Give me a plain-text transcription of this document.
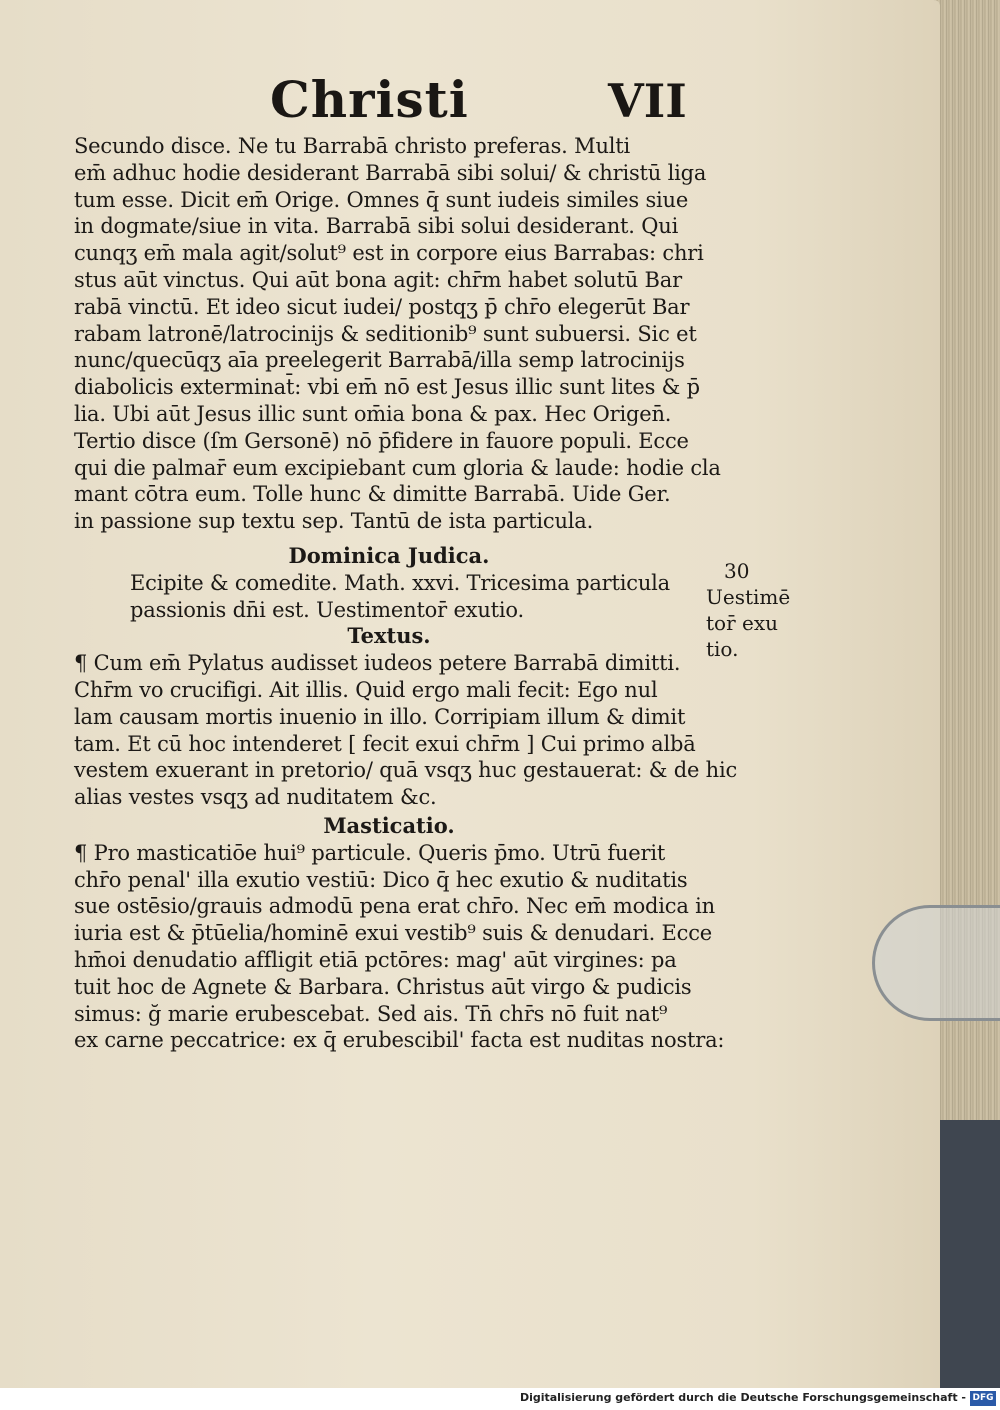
Christi	VII
Secundo disce. Ne tu Barrabā christo preferas. Multi
em̄ adhuc hodie desiderant Barrabā sibi solui/ & christū liga
tum esse. Dicit em̄ Orige. Omnes q̄ sunt iudeis similes siue
in dogmate/siue in vita. Barrabā sibi solui desiderant. Qui
cunqʒ em̄ mala agit/solut⁹ est in corpore eius Barrabas: chri
stus aūt vinctus. Qui aūt bona agit: chr̄m habet solutū Bar
rabā vinctū. Et ideo sicut iudei/ postqʒ p̄ chr̄o elegerūt Bar
rabam latronē/latrocinijs & seditionib⁹ sunt subuersi. Sic et
nunc/quecūqʒ aīa preelegerit Barrabā/illa semp latrocinijs
diabolicis exterminat̄: vbi em̄ nō est Jesus illic sunt lites & p̄
lia. Ubi aūt Jesus illic sunt om̄ia bona & pax. Hec Origen̄.
Tertio disce (ſm Gersonē) nō p̄fidere in fauore populi. Ecce
qui die palmar̄ eum excipiebant cum gloria & laude: hodie cla
mant cōtra eum. Tolle hunc & dimitte Barrabā. Uide Ger.
in passione sup textu sep. Tantū de ista particula.
Dominica Judica.
Ecipite & comedite. Math. xxvi. Tricesima particula
passionis dn̄i est. Uestimentor̄ exutio.
Textus.
¶ Cum em̄ Pylatus audisset iudeos petere Barrabā dimitti.
Chr̄m vo crucifigi. Ait illis. Quid ergo mali fecit: Ego nul
lam causam mortis inuenio in illo. Corripiam illum & dimit
tam. Et cū hoc intenderet [ fecit exui chr̄m ] Cui primo albā
vestem exuerant in pretorio/ quā vsqʒ huc gestauerat: & de hic
alias vestes vsqʒ ad nuditatem &c.
Masticatio.
¶ Pro masticatiōe hui⁹ particule. Queris p̄mo. Utrū fuerit
chr̄o penal' illa exutio vestiū: Dico q̄ hec exutio & nuditatis
sue ostēsio/grauis admodū pena erat chr̄o. Nec em̄ modica in
iuria est & p̄tūelia/hominē exui vestib⁹ suis & denudari. Ecce
hm̄oi denudatio affligit etiā pctōres: mag' aūt virgines: pa
tuit hoc de Agnete & Barbara. Christus aūt virgo & pudicis
simus: ğ marie erubescebat. Sed ais. Tn̄ chr̄s nō fuit nat⁹
ex carne peccatrice: ex q̄ erubescibil' facta est nuditas nostra:
30
Uestimē
tor̄ exu
tio.
Digitalisierung gefördert durch die Deutsche Forschungsgemeinschaft - DFG
